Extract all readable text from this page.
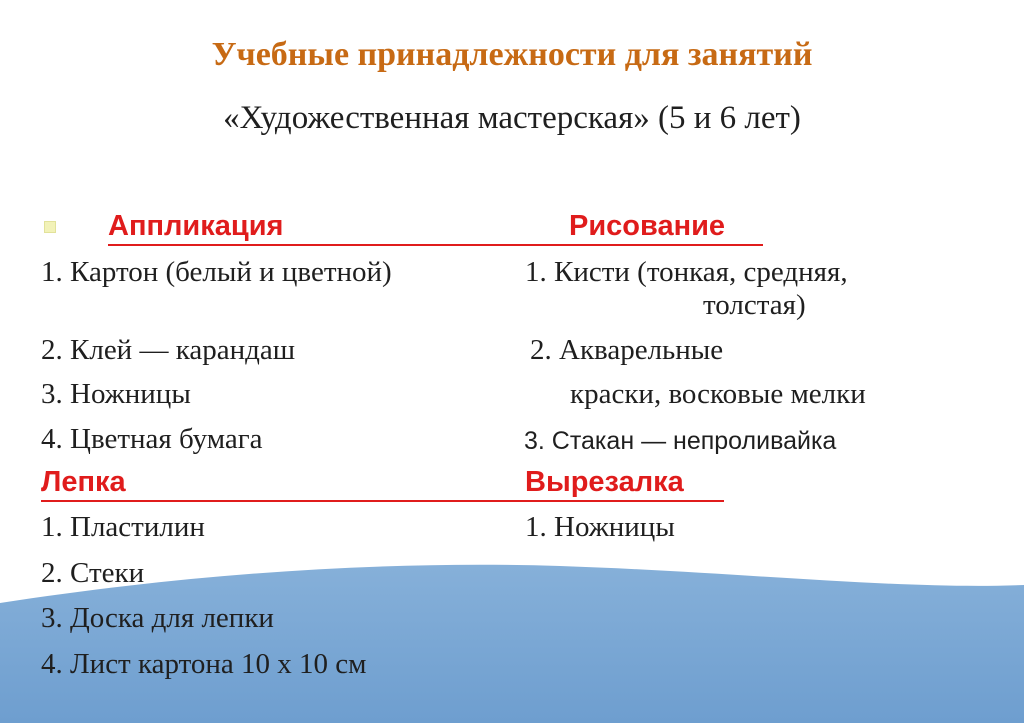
Учебные принадлежности для занятий
«Художественная мастерская» (5 и 6 лет)
Аппликация	Рисование
1. Картон (белый и цветной)
2. Клей — карандаш
3. Ножницы
4. Цветная бумага
1. Кисти (тонкая, средняя,
толстая)
2. Акварельные
краски, восковые мелки
3. Стакан — непроливайка
Лепка	Вырезалка
1. Пластилин
2. Стеки
3. Доска для лепки
4. Лист картона 10 х 10 см
1. Ножницы
